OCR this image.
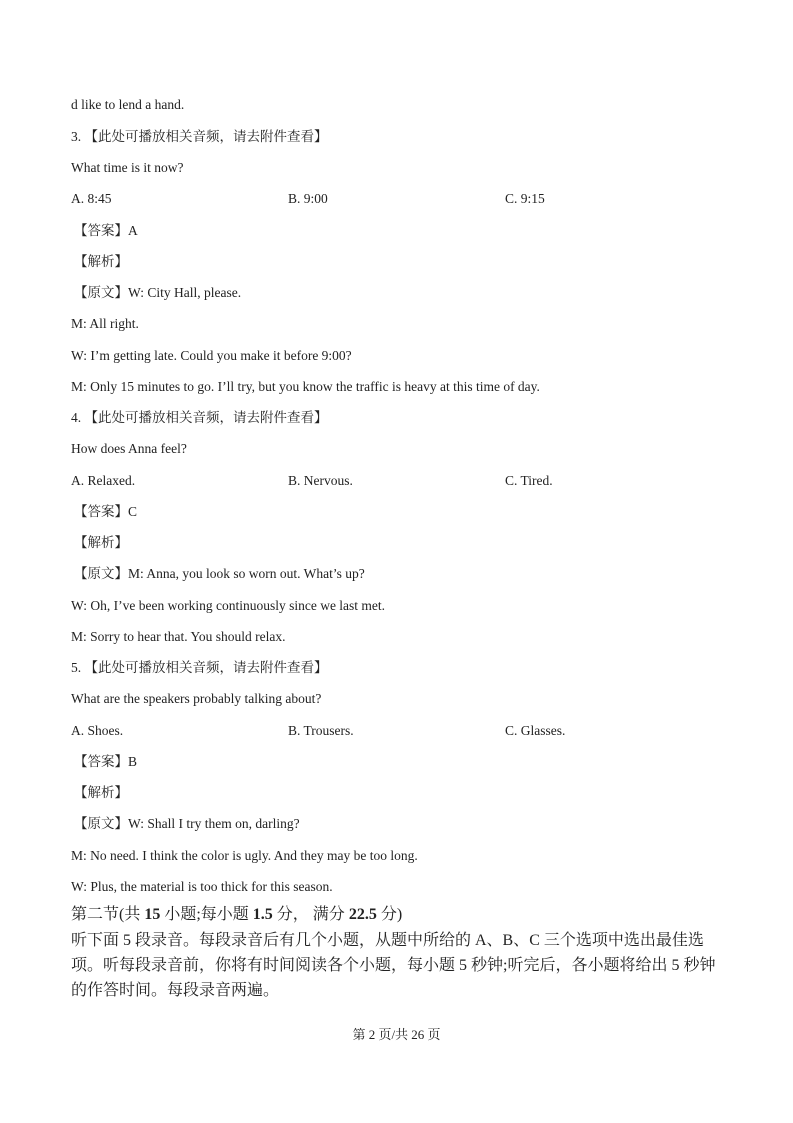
d like to lend a hand.
3. 【此处可播放相关音频，请去附件查看】
What time is it now?
A. 8:45	B. 9:00	C. 9:15
【答案】A
【解析】
【原文】W: City Hall, please.
M: All right.
W: I’m getting late. Could you make it before 9:00?
M: Only 15 minutes to go. I’ll try, but you know the traffic is heavy at this time of day.
4. 【此处可播放相关音频，请去附件查看】
How does Anna feel?
A. Relaxed.	B. Nervous.	C. Tired.
【答案】C
【解析】
【原文】M: Anna, you look so worn out. What’s up?
W: Oh, I’ve been working continuously since we last met.
M: Sorry to hear that. You should relax.
5. 【此处可播放相关音频，请去附件查看】
What are the speakers probably talking about?
A. Shoes.	B. Trousers.	C. Glasses.
【答案】B
【解析】
【原文】W: Shall I try them on, darling?
M: No need. I think the color is ugly. And they may be too long.
W: Plus, the material is too thick for this season.
第二节(共 15 小题;每小题 1.5 分， 满分 22.5 分)
听下面 5 段录音。每段录音后有几个小题，从题中所给的 A、B、C 三个选项中选出最佳选项。听每段录音前，你将有时间阅读各个小题，每小题 5 秒钟;听完后，各小题将给出 5 秒钟的作答时间。每段录音两遍。
第 2 页/共 26 页
